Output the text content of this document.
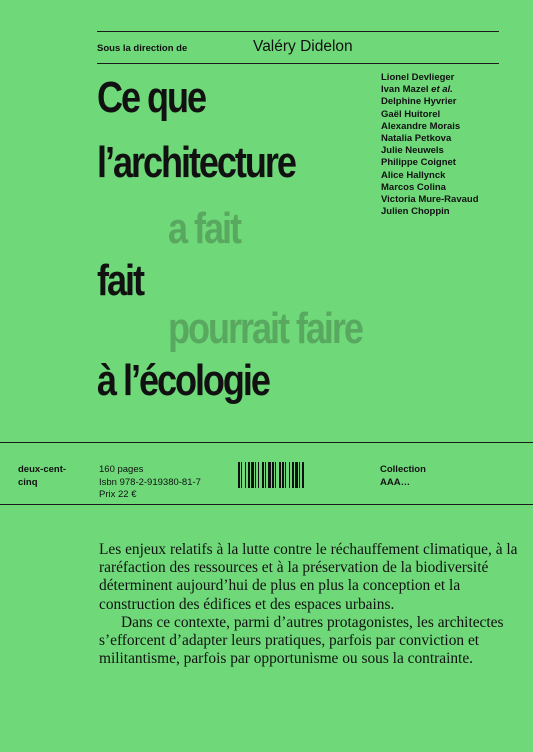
Sous la direction de	Valéry Didelon
Ce que
l’architecture
a fait
fait
pourrait faire
à l’écologie
Lionel Devlieger
Ivan Mazel et al.
Delphine Hyvrier
Gaël Huitorel
Alexandre Morais
Natalia Petkova
Julie Neuwels
Philippe Coignet
Alice Hallynck
Marcos Colina
Victoria Mure-Ravaud
Julien Choppin
deux-cent-
cinq
160 pages
Isbn 978-2-919380-81-7
Prix 22 €
Collection
AAA…

Les enjeux relatifs à la lutte contre le réchauffement climatique, à la raréfaction des ressources et à la préservation de la biodiversité déterminent aujourd’hui de plus en plus la conception et la construction des édifices et des espaces urbains.

Dans ce contexte, parmi d’autres protagonistes, les architectes s’efforcent d’adapter leurs pratiques, parfois par conviction et militantisme, parfois par opportunisme ou sous la contrainte.
